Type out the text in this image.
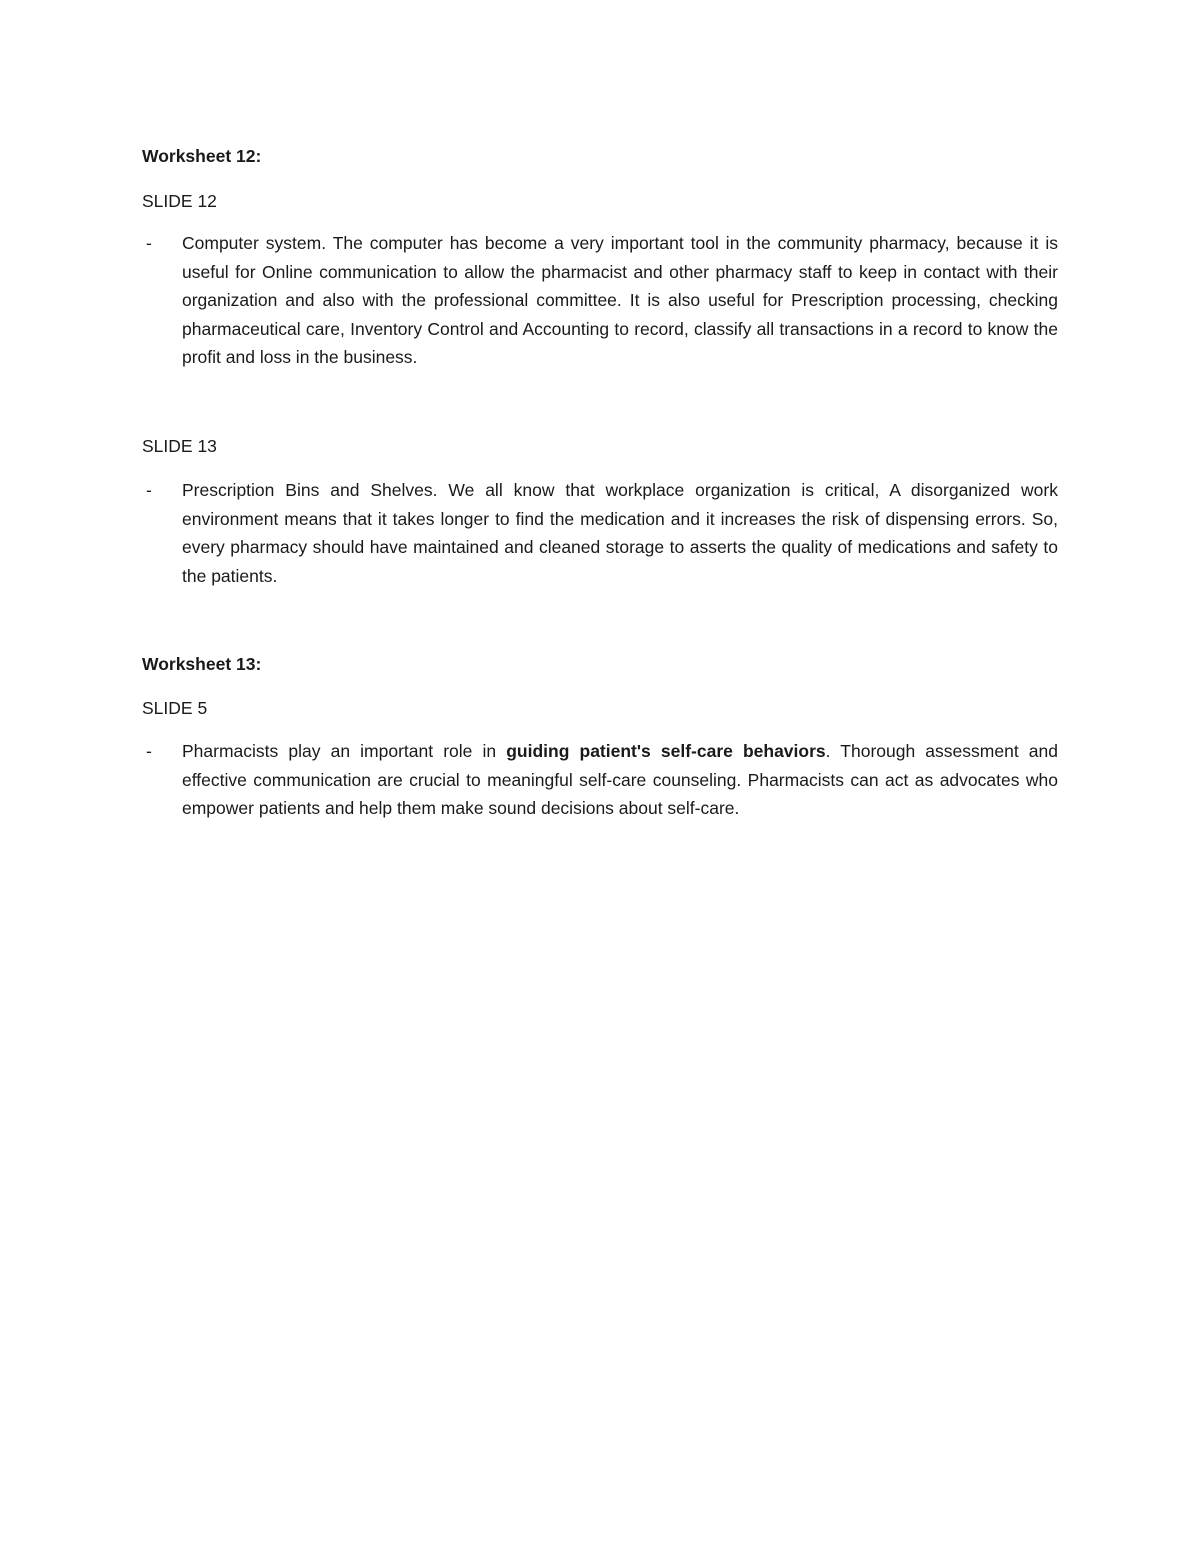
Worksheet 12:
SLIDE 12
- Computer system. The computer has become a very important tool in the community pharmacy, because it is useful for Online communication to allow the pharmacist and other pharmacy staff to keep in contact with their organization and also with the professional committee. It is also useful for Prescription processing, checking pharmaceutical care, Inventory Control and Accounting to record, classify all transactions in a record to know the profit and loss in the business.
SLIDE 13
- Prescription Bins and Shelves. We all know that workplace organization is critical, A disorganized work environment means that it takes longer to find the medication and it increases the risk of dispensing errors. So, every pharmacy should have maintained and cleaned storage to asserts the quality of medications and safety to the patients.
Worksheet 13:
SLIDE 5
- Pharmacists play an important role in guiding patient's self-care behaviors. Thorough assessment and effective communication are crucial to meaningful self-care counseling. Pharmacists can act as advocates who empower patients and help them make sound decisions about self-care.
